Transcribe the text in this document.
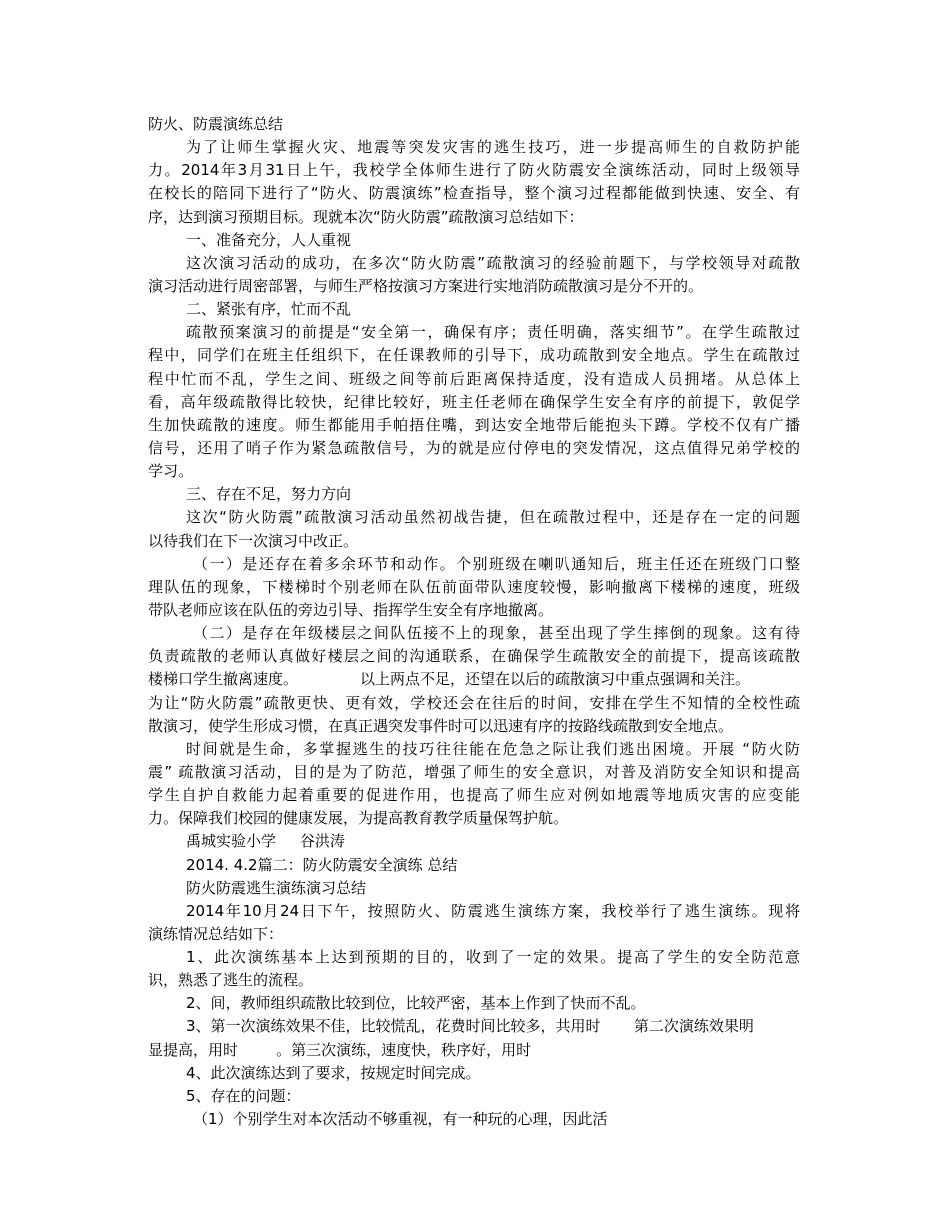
防火、防震演练总结
为了让师生掌握火灾、地震等突发灾害的逃生技巧，进一步提高师生的自救防护能
力。2014年3月31日上午，我校学全体师生进行了防火防震安全演练活动，同时上级领导
在校长的陪同下进行了“防火、防震演练”检查指导，整个演习过程都能做到快速、安全、有
序，达到演习预期目标。现就本次“防火防震”疏散演习总结如下：
一、准备充分，人人重视
这次演习活动的成功，在多次“防火防震”疏散演习的经验前题下，与学校领导对疏散
演习活动进行周密部署，与师生严格按演习方案进行实地消防疏散演习是分不开的。
二、紧张有序，忙而不乱
疏散预案演习的前提是“安全第一，确保有序；责任明确，落实细节”。在学生疏散过
程中，同学们在班主任组织下，在任课教师的引导下，成功疏散到安全地点。学生在疏散过
程中忙而不乱，学生之间、班级之间等前后距离保持适度，没有造成人员拥堵。从总体上
看，高年级疏散得比较快，纪律比较好，班主任老师在确保学生安全有序的前提下，敦促学
生加快疏散的速度。师生都能用手帕捂住嘴，到达安全地带后能抱头下蹲。学校不仅有广播
信号，还用了哨子作为紧急疏散信号，为的就是应付停电的突发情况，这点值得兄弟学校的
学习。
三、存在不足，努力方向
这次“防火防震”疏散演习活动虽然初战告捷，但在疏散过程中，还是存在一定的问题
以待我们在下一次演习中改正。
（一）是还存在着多余环节和动作。个别班级在喇叭通知后，班主任还在班级门口整
理队伍的现象，下楼梯时个别老师在队伍前面带队速度较慢，影响撤离下楼梯的速度，班级
带队老师应该在队伍的旁边引导、指挥学生安全有序地撤离。
（二）是存在年级楼层之间队伍接不上的现象，甚至出现了学生摔倒的现象。这有待
负责疏散的老师认真做好楼层之间的沟通联系，在确保学生疏散安全的前提下，提高该疏散
楼梯口学生撤离速度。             以上两点不足，还望在以后的疏散演习中重点强调和关注。
为让“防火防震”疏散更快、更有效，学校还会在往后的时间，安排在学生不知情的全校性疏
散演习，使学生形成习惯，在真正遇突发事件时可以迅速有序的按路线疏散到安全地点。
时间就是生命，多掌握逃生的技巧往往能在危急之际让我们逃出困境。开展 “防火防
震” 疏散演习活动，目的是为了防范，增强了师生的安全意识，对普及消防安全知识和提高
学生自护自救能力起着重要的促进作用，也提高了师生应对例如地震等地质灾害的应变能
力。保障我们校园的健康发展，为提高教育教学质量保驾护航。
禹城实验小学     谷洪涛
2014. 4.2篇二：防火防震安全演练 总结
防火防震逃生演练演习总结
2014年10月24日下午，按照防火、防震逃生演练方案，我校举行了逃生演练。现将
演练情况总结如下：
1、此次演练基本上达到预期的目的，收到了一定的效果。提高了学生的安全防范意
识，熟悉了逃生的流程。
2、间，教师组织疏散比较到位，比较严密，基本上作到了快而不乱。
3、第一次演练效果不佳，比较慌乱，花费时间比较多，共用时       第二次演练效果明
显提高，用时        。第三次演练，速度快，秩序好，用时
4、此次演练达到了要求，按规定时间完成。
5、存在的问题：
（1）个别学生对本次活动不够重视，有一种玩的心理，因此活
